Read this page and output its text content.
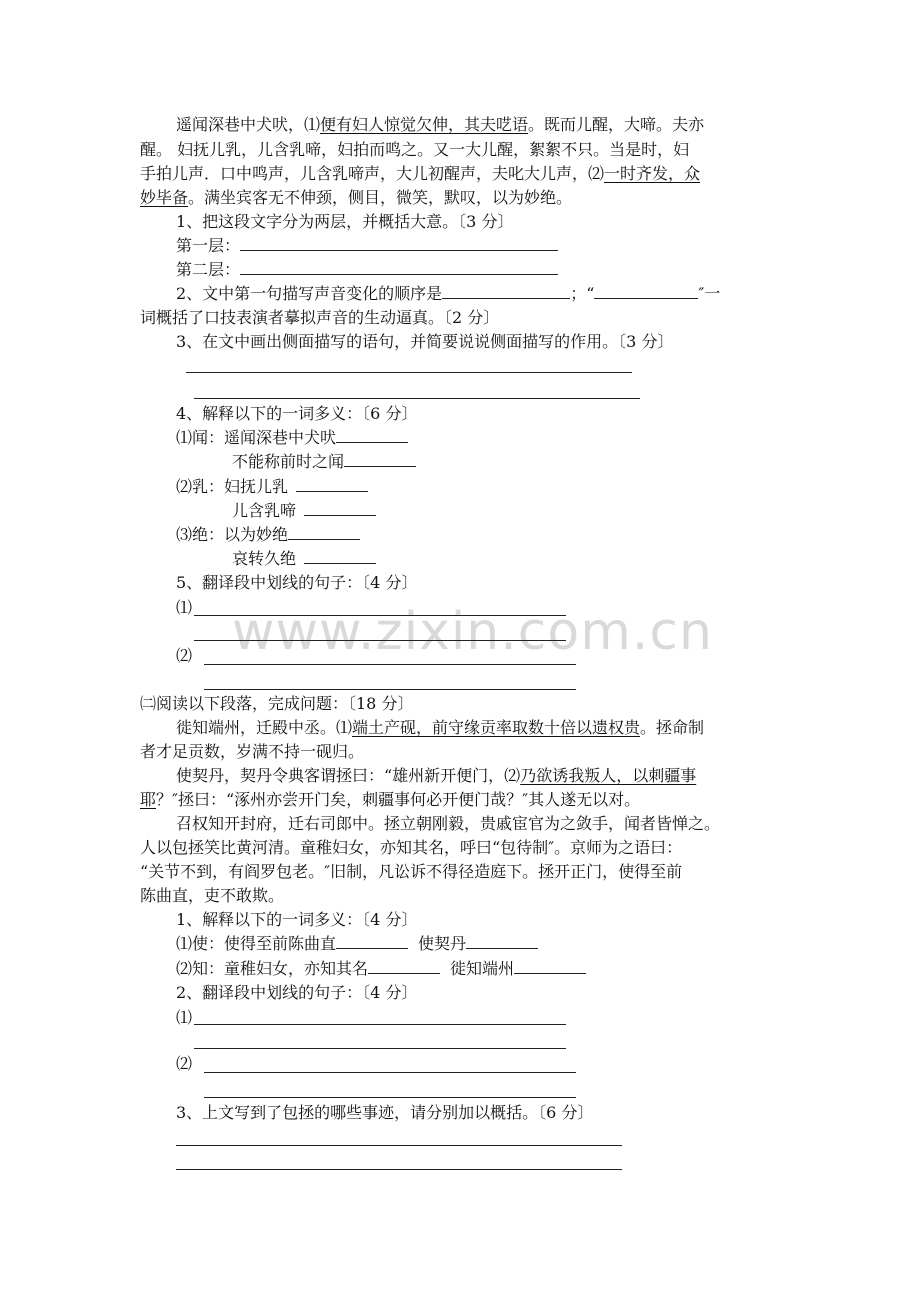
www.zixin.com.cn
遥闻深巷中犬吠，⑴便有妇人惊觉欠伸，其夫呓语。既而儿醒，大啼。夫亦
醒。 妇抚儿乳，儿含乳啼，妇拍而鸣之。又一大儿醒，絮絮不只。当是时，妇
手拍儿声．口中鸣声，儿含乳啼声，大儿初醒声，夫叱大儿声，⑵一时齐发，众
妙毕备。满坐宾客无不伸颈，侧目，微笑，默叹，以为妙绝。
1、把这段文字分为两层，并概括大意。〔3 分〕
第一层：
第二层：
2、文中第一句描写声音变化的顺序是	；“	″一
词概括了口技表演者摹拟声音的生动逼真。〔2 分〕
3、在文中画出侧面描写的语句，并简要说说侧面描写的作用。〔3 分〕
4、解释以下的一词多义：〔6 分〕
⑴闻：遥闻深巷中犬吠
不能称前时之闻
⑵乳：妇抚儿乳
儿含乳啼
⑶绝：以为妙绝
哀转久绝
5、翻译段中划线的句子：〔4 分〕
⑴
⑵
㈡阅读以下段落，完成问题：〔18 分〕
徙知端州，迁殿中丞。⑴端土产砚，前守缘贡率取数十倍以遗权贵。拯命制
者才足贡数，岁满不持一砚归。
使契丹，契丹令典客谓拯曰：“雄州新开便门，⑵乃欲诱我叛人，以刺疆事
耶？″拯曰：“涿州亦尝开门矣，刺疆事何必开便门哉？″其人遂无以对。
召权知开封府，迁右司郎中。拯立朝刚毅，贵戚宦官为之敛手，闻者皆惮之。
人以包拯笑比黄河清。童稚妇女，亦知其名，呼曰“包待制″。京师为之语曰：
“关节不到，有阎罗包老。″旧制，凡讼诉不得径造庭下。拯开正门，使得至前
陈曲直，吏不敢欺。
1、解释以下的一词多义：〔4 分〕
⑴使：使得至前陈曲直	使契丹
⑵知：童稚妇女，亦知其名	徙知端州
2、翻译段中划线的句子：〔4 分〕
⑴
⑵
3、上文写到了包拯的哪些事迹，请分别加以概括。〔6 分〕
